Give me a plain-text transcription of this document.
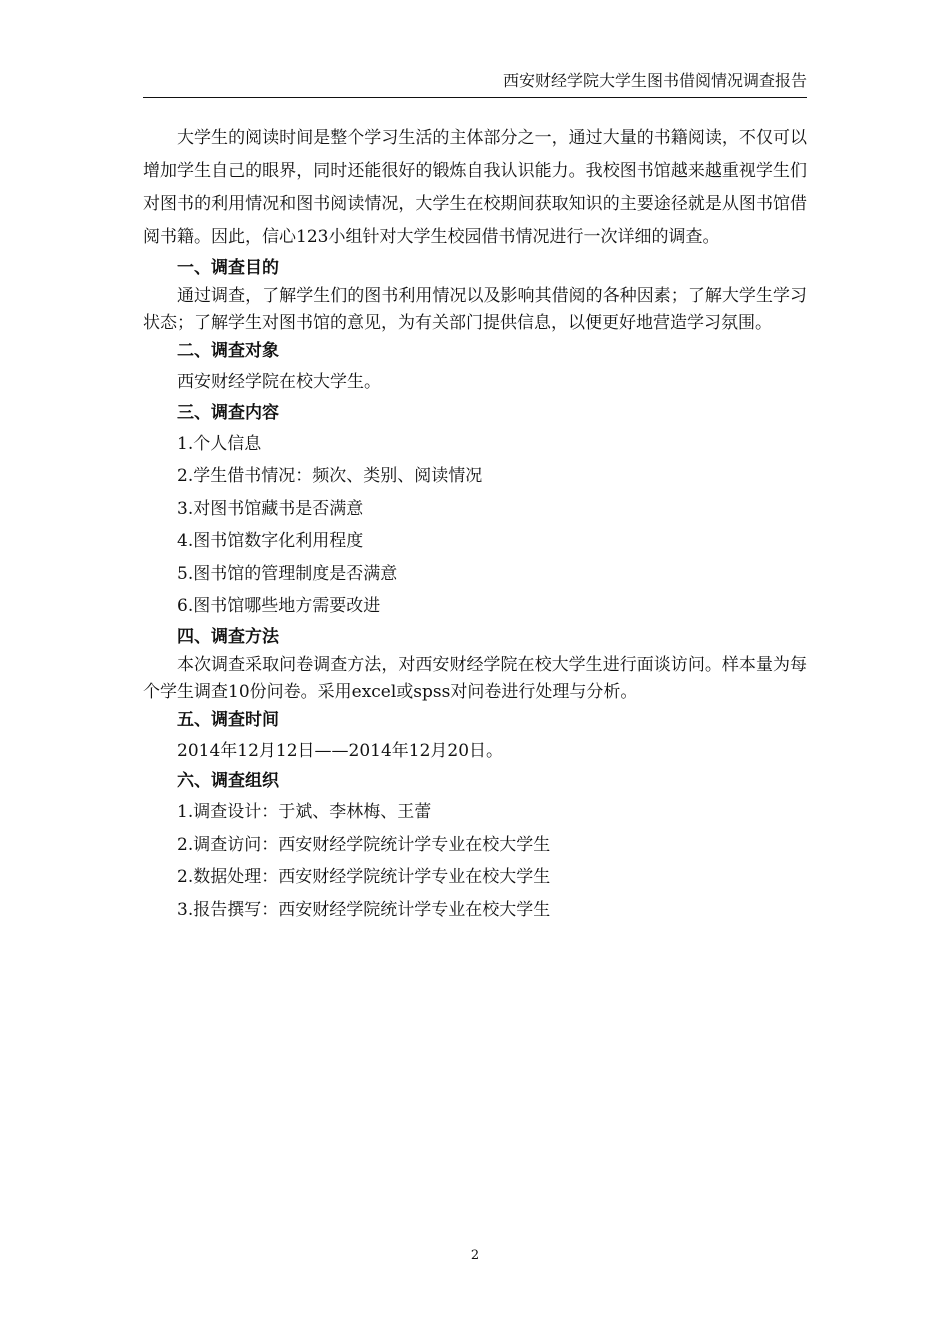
西安财经学院大学生图书借阅情况调查报告

大学生的阅读时间是整个学习生活的主体部分之一，通过大量的书籍阅读，不仅可以增加学生自己的眼界，同时还能很好的锻炼自我认识能力。我校图书馆越来越重视学生们对图书的利用情况和图书阅读情况，大学生在校期间获取知识的主要途径就是从图书馆借阅书籍。因此，信心123小组针对大学生校园借书情况进行一次详细的调查。

一、调查目的

通过调查，了解学生们的图书利用情况以及影响其借阅的各种因素；了解大学生学习状态；了解学生对图书馆的意见，为有关部门提供信息，以便更好地营造学习氛围。

二、调查对象

西安财经学院在校大学生。

三、调查内容

1.个人信息

2.学生借书情况：频次、类别、阅读情况

3.对图书馆藏书是否满意

4.图书馆数字化利用程度

5.图书馆的管理制度是否满意

6.图书馆哪些地方需要改进

四、调查方法

本次调查采取问卷调查方法，对西安财经学院在校大学生进行面谈访问。样本量为每个学生调查10份问卷。采用excel或spss对问卷进行处理与分析。

五、调查时间

2014年12月12日——2014年12月20日。

六、调查组织

1.调查设计：于斌、李林梅、王蕾

2.调查访问：西安财经学院统计学专业在校大学生

2.数据处理：西安财经学院统计学专业在校大学生

3.报告撰写：西安财经学院统计学专业在校大学生

2
